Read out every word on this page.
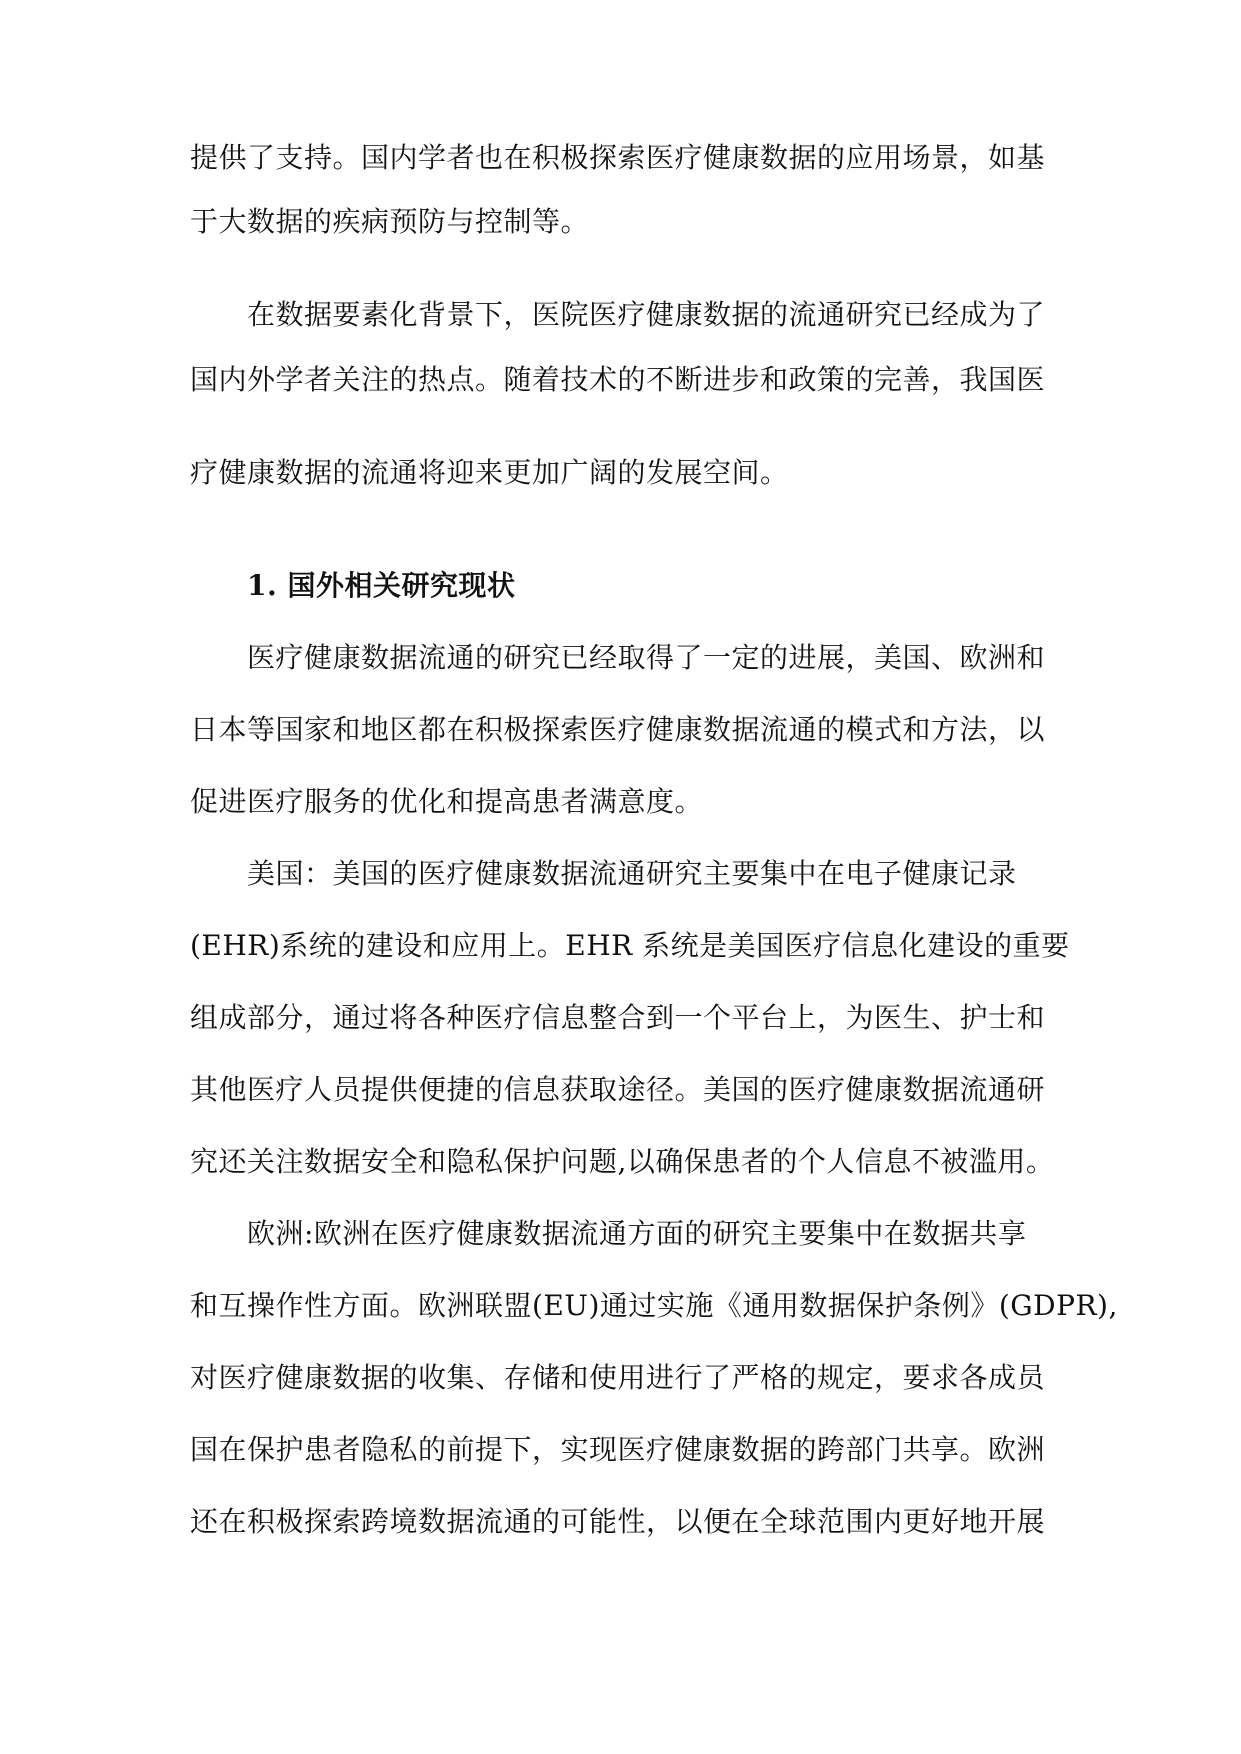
提供了支持。国内学者也在积极探索医疗健康数据的应用场景，如基
于大数据的疾病预防与控制等。
在数据要素化背景下，医院医疗健康数据的流通研究已经成为了
国内外学者关注的热点。随着技术的不断进步和政策的完善，我国医
疗健康数据的流通将迎来更加广阔的发展空间。
1. 国外相关研究现状
医疗健康数据流通的研究已经取得了一定的进展，美国、欧洲和
日本等国家和地区都在积极探索医疗健康数据流通的模式和方法，以
促进医疗服务的优化和提高患者满意度。
美国：美国的医疗健康数据流通研究主要集中在电子健康记录
(EHR)系统的建设和应用上。EHR 系统是美国医疗信息化建设的重要
组成部分，通过将各种医疗信息整合到一个平台上，为医生、护士和
其他医疗人员提供便捷的信息获取途径。美国的医疗健康数据流通研
究还关注数据安全和隐私保护问题,以确保患者的个人信息不被滥用。
欧洲:欧洲在医疗健康数据流通方面的研究主要集中在数据共享
和互操作性方面。欧洲联盟(EU)通过实施《通用数据保护条例》(GDPR),
对医疗健康数据的收集、存储和使用进行了严格的规定，要求各成员
国在保护患者隐私的前提下，实现医疗健康数据的跨部门共享。欧洲
还在积极探索跨境数据流通的可能性，以便在全球范围内更好地开展
